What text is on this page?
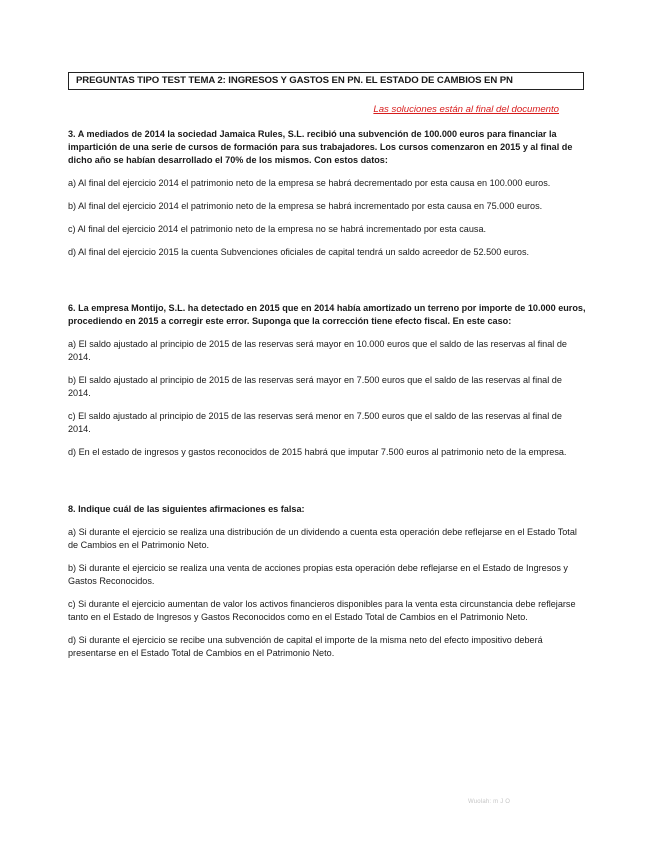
PREGUNTAS TIPO TEST TEMA 2: INGRESOS Y GASTOS EN PN. EL ESTADO DE CAMBIOS EN PN
Las soluciones están al final del documento

3. A mediados de 2014 la sociedad Jamaica Rules, S.L. recibió una subvención de 100.000 euros para financiar la impartición de una serie de cursos de formación para sus trabajadores. Los cursos comenzaron en 2015 y al final de dicho año se habían desarrollado el 70% de los mismos. Con estos datos:

a) Al final del ejercicio 2014 el patrimonio neto de la empresa se habrá decrementado por esta causa en 100.000 euros.

b) Al final del ejercicio 2014 el patrimonio neto de la empresa se habrá incrementado por esta causa en 75.000 euros.

c) Al final del ejercicio 2014 el patrimonio neto de la empresa no se habrá incrementado por esta causa.

d) Al final del ejercicio 2015 la cuenta Subvenciones oficiales de capital tendrá un saldo acreedor de 52.500 euros.

6. La empresa Montijo, S.L. ha detectado en 2015 que en 2014 había amortizado un terreno por importe de 10.000 euros, procediendo en 2015 a corregir este error. Suponga que la corrección tiene efecto fiscal. En este caso:

a) El saldo ajustado al principio de 2015 de las reservas será mayor en 10.000 euros que el saldo de las reservas al final de 2014.

b) El saldo ajustado al principio de 2015 de las reservas será mayor en 7.500 euros que el saldo de las reservas al final de 2014.

c) El saldo ajustado al principio de 2015 de las reservas será menor en 7.500 euros que el saldo de las reservas al final de 2014.

d) En el estado de ingresos y gastos reconocidos de 2015 habrá que imputar 7.500 euros al patrimonio neto de la empresa.

8. Indique cuál de las siguientes afirmaciones es falsa:

a) Si durante el ejercicio se realiza una distribución de un dividendo a cuenta esta operación debe reflejarse en el Estado Total de Cambios en el Patrimonio Neto.

b) Si durante el ejercicio se realiza una venta de acciones propias esta operación debe reflejarse en el Estado de Ingresos y Gastos Reconocidos.

c) Si durante el ejercicio aumentan de valor los activos financieros disponibles para la venta esta circunstancia debe reflejarse tanto en el Estado de Ingresos y Gastos Reconocidos como en el Estado Total de Cambios en el Patrimonio Neto.

d) Si durante el ejercicio se recibe una subvención de capital el importe de la misma neto del efecto impositivo deberá presentarse en el Estado Total de Cambios en el Patrimonio Neto.

Wuolah: m J O
